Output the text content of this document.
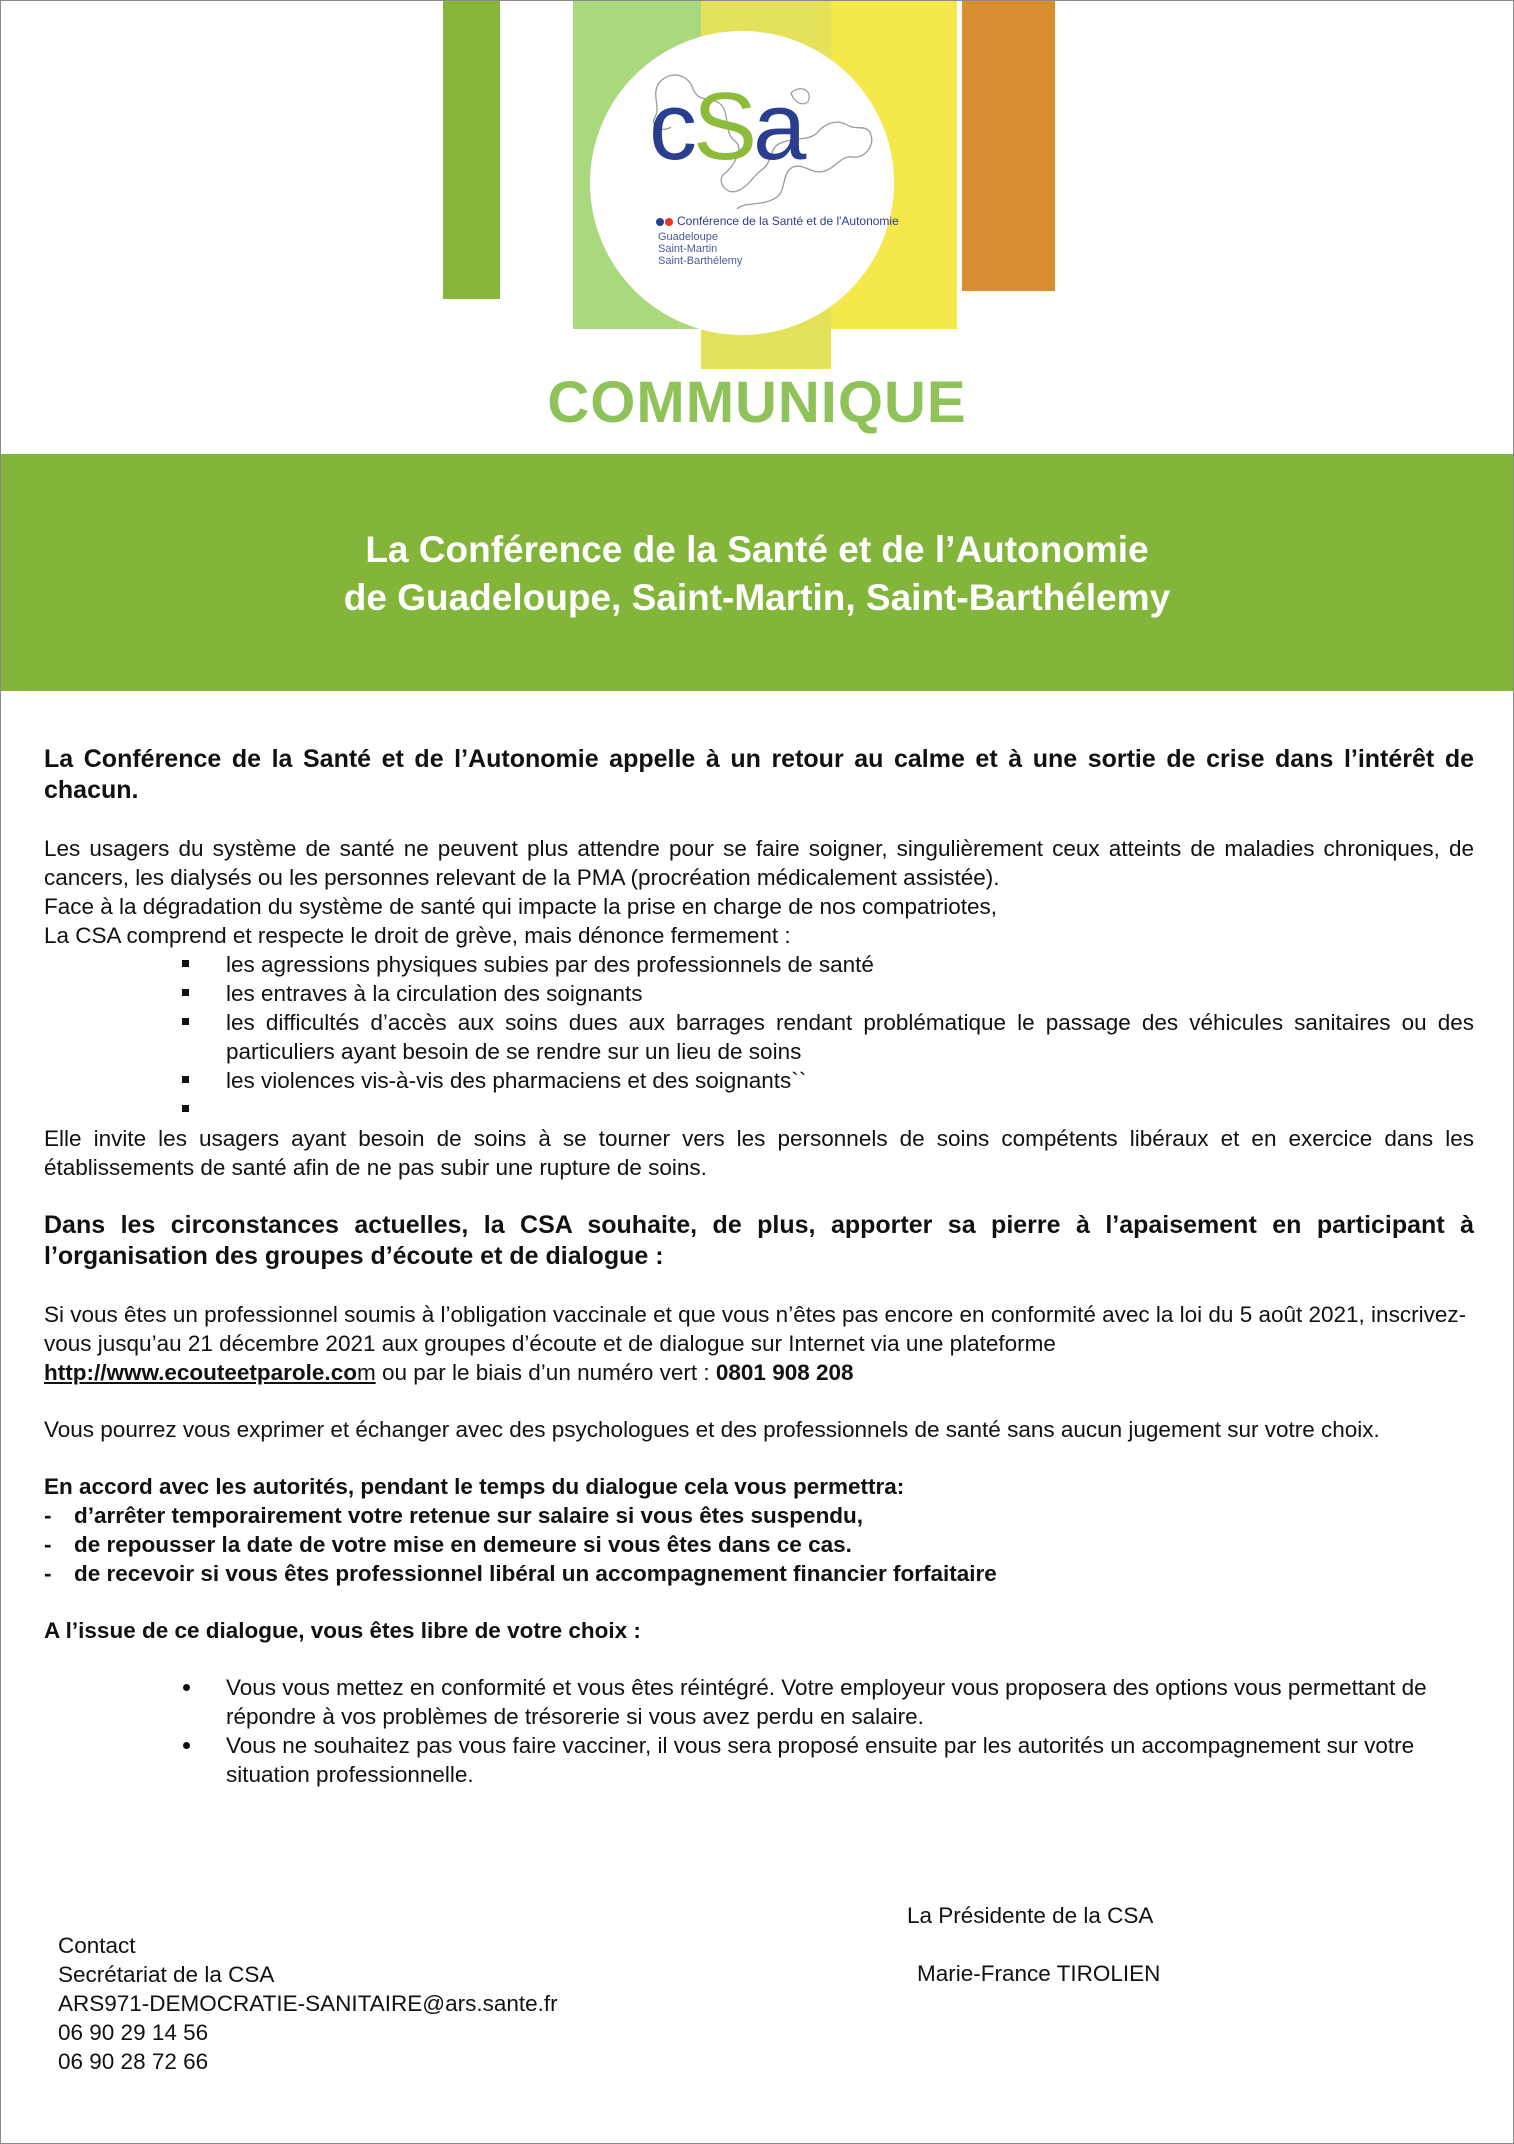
cSa
Conférence de la Santé et de l'Autonomie
Guadeloupe
Saint-Martin
Saint-Barthélemy
COMMUNIQUE
La Conférence de la Santé et de l’Autonomie
de Guadeloupe, Saint-Martin, Saint-Barthélemy

La Conférence de la Santé et de l’Autonomie appelle à un retour au calme et à une sortie de crise dans l’intérêt de chacun.

Les usagers du système de santé ne peuvent plus attendre pour se faire soigner, singulièrement ceux atteints de maladies chroniques, de cancers, les dialysés ou les personnes relevant de la PMA (procréation médicalement assistée).

Face à la dégradation du système de santé qui impacte la prise en charge de nos compatriotes,

La CSA comprend et respecte le droit de grève, mais dénonce fermement :

les agressions physiques subies par des professionnels de santé
les entraves à la circulation des soignants
les difficultés d’accès aux soins dues aux barrages rendant problématique le passage des véhicules sanitaires ou des particuliers ayant besoin de se rendre sur un lieu de soins
les violences vis-à-vis des pharmaciens et des soignants``

Elle invite les usagers ayant besoin de soins à se tourner vers les personnels de soins compétents libéraux et en exercice dans les établissements de santé afin de ne pas subir une rupture de soins.

Dans les circonstances actuelles, la CSA souhaite, de plus, apporter sa pierre à l’apaisement en participant à l’organisation des groupes d’écoute et de dialogue :

Si vous êtes un professionnel soumis à l’obligation vaccinale et que vous n’êtes pas encore en conformité avec la loi du 5 août 2021, inscrivez-vous jusqu’au 21 décembre 2021 aux groupes d’écoute et de dialogue sur Internet via une plateforme
http://www.ecouteetparole.com ou par le biais d’un numéro vert : 0801 908 208

Vous pourrez vous exprimer et échanger avec des psychologues et des professionnels de santé sans aucun jugement sur votre choix.

En accord avec les autorités, pendant le temps du dialogue cela vous permettra:

- d’arrêter temporairement votre retenue sur salaire si vous êtes suspendu,
- de repousser la date de votre mise en demeure si vous êtes dans ce cas.
- de recevoir si vous êtes professionnel libéral un accompagnement financier forfaitaire

A l’issue de ce dialogue, vous êtes libre de votre choix :

Vous vous mettez en conformité et vous êtes réintégré. Votre employeur vous proposera des options vous permettant de répondre à vos problèmes de trésorerie si vous avez perdu en salaire.
Vous ne souhaitez pas vous faire vacciner, il vous sera proposé ensuite par les autorités un accompagnement sur votre situation professionnelle.
Contact
Secrétariat de la CSA
ARS971-DEMOCRATIE-SANITAIRE@ars.sante.fr
06 90 29 14 56
06 90 28 72 66
La Présidente de la CSA
Marie-France TIROLIEN
